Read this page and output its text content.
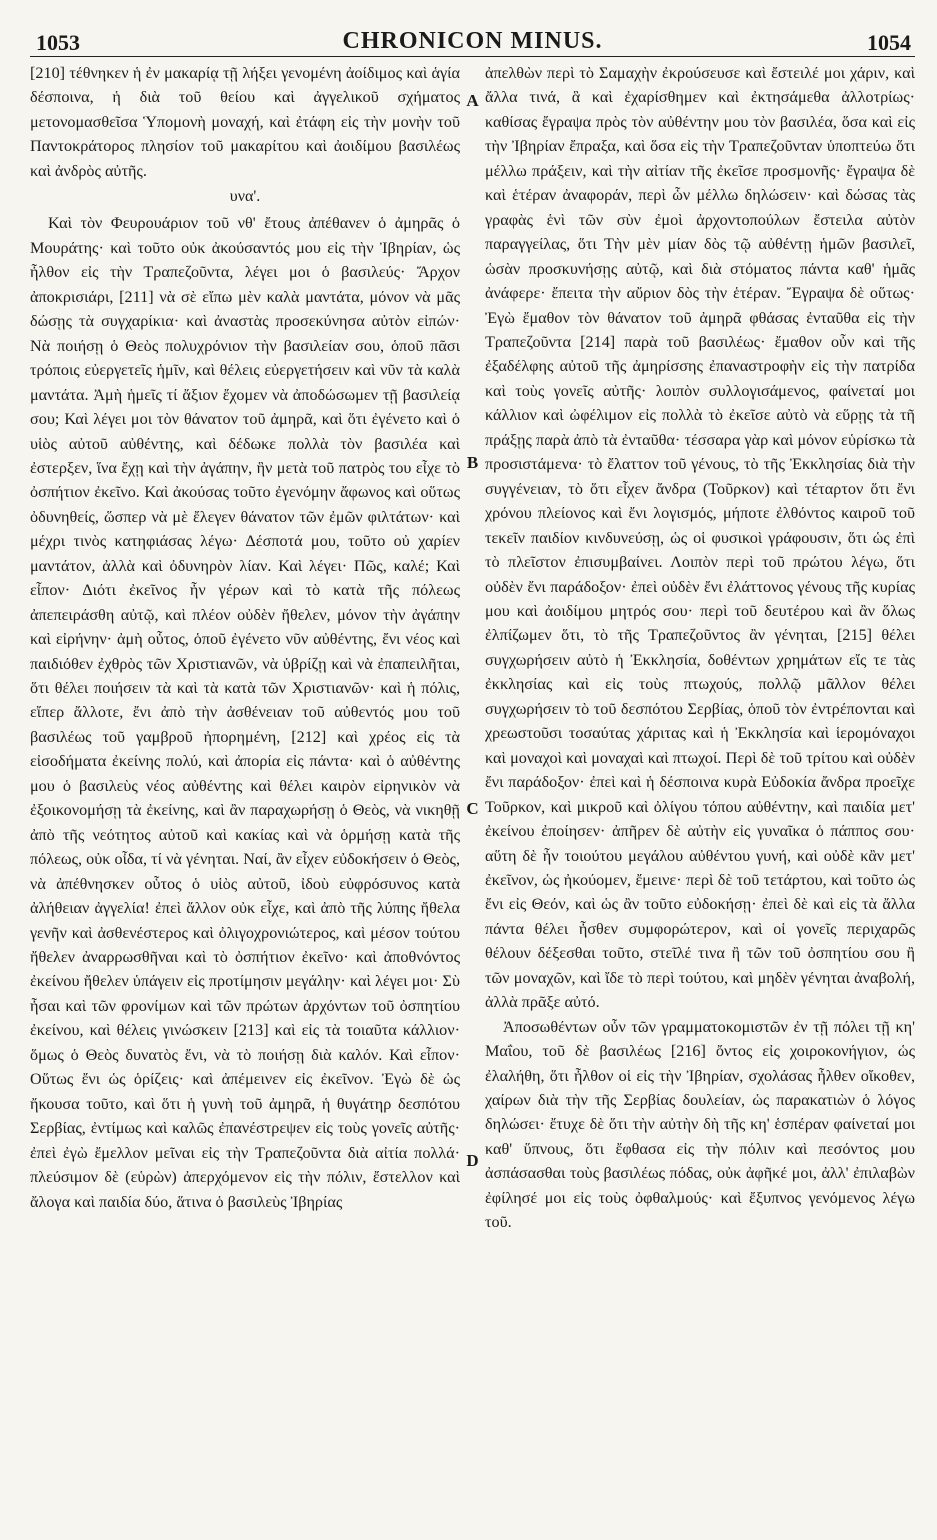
1053	CHRONICON MINUS.	1054

[210] τέθνηκεν ἡ ἐν μακαρίᾳ τῇ λήξει γενομένη ἀοίδιμος καὶ ἁγία δέσποινα, ἡ διὰ τοῦ θείου καὶ ἀγγελικοῦ σχήματος μετονομασθεῖσα Ὑπομονὴ μοναχή, καὶ ἐτάφη εἰς τὴν μονὴν τοῦ Παντοκράτορος πλησίον τοῦ μακαρίτου καὶ ἀοιδίμου βασιλέως καὶ ἀνδρὸς αὐτῆς.

υνα'.

Καὶ τὸν Φευρουάριον τοῦ νθ' ἔτους ἀπέθανεν ὁ ἀμηρᾶς ὁ Μουράτης· καὶ τοῦτο οὐκ ἀκούσαντός μου εἰς τὴν Ἰβηρίαν, ὡς ἦλθον εἰς τὴν Τραπεζοῦντα, λέγει μοι ὁ βασιλεύς· Ἄρχον ἀποκρισιάρι, [211] νὰ σὲ εἴπω μὲν καλὰ μαντάτα, μόνον νὰ μᾶς δώσῃς τὰ συγχαρίκια· καὶ ἀναστὰς προσεκύνησα αὐτὸν εἰπών· Νὰ ποιήσῃ ὁ Θεὸς πολυχρόνιον τὴν βασιλείαν σου, ὁποῦ πᾶσι τρόποις εὐεργετεῖς ἡμῖν, καὶ θέλεις εὐεργετήσειν καὶ νῦν τὰ καλὰ μαντάτα. Ἀμὴ ἡμεῖς τί ἄξιον ἔχομεν νὰ ἀποδώσωμεν τῇ βασιλείᾳ σου; Καὶ λέγει μοι τὸν θάνατον τοῦ ἀμηρᾶ, καὶ ὅτι ἐγένετο καὶ ὁ υἱὸς αὐτοῦ αὐθέντης, καὶ δέδωκε πολλὰ τὸν βασιλέα καὶ ἐστερξεν, ἵνα ἔχῃ καὶ τὴν ἀγάπην, ἣν μετὰ τοῦ πατρὸς του εἶχε τὸ ὀσπήτιον ἐκεῖνο. Καὶ ἀκούσας τοῦτο ἐγενόμην ἄφωνος καὶ οὕτως ὀδυνηθείς, ὥσπερ νὰ μὲ ἔλεγεν θάνατον τῶν ἐμῶν φιλτάτων· καὶ μέχρι τινὸς κατηφιάσας λέγω· Δέσποτά μου, τοῦτο οὐ χαρίεν μαντάτον, ἀλλὰ καὶ ὀδυνηρὸν λίαν. Καὶ λέγει· Πῶς, καλέ; Καὶ εἶπον· Διότι ἐκεῖνος ἦν γέρων καὶ τὸ κατὰ τῆς πόλεως ἀπεπειράσθη αὐτῷ, καὶ πλέον οὐδὲν ἤθελεν, μόνον τὴν ἀγάπην καὶ εἰρήνην· ἀμὴ οὗτος, ὁποῦ ἐγένετο νῦν αὐθέντης, ἔνι νέος καὶ παιδιόθεν ἐχθρὸς τῶν Χριστιανῶν, νὰ ὑβρίζῃ καὶ νὰ ἐπαπειλῆται, ὅτι θέλει ποιήσειν τὰ καὶ τὰ κατὰ τῶν Χριστιανῶν· καὶ ἡ πόλις, εἴπερ ἄλλοτε, ἔνι ἀπὸ τὴν ἀσθένειαν τοῦ αὐθεντός μου τοῦ βασιλέως τοῦ γαμβροῦ ἠπορημένη, [212] καὶ χρέος εἰς τὰ εἰσοδήματα ἐκείνης πολύ, καὶ ἀπορία εἰς πάντα· καὶ ὁ αὐθέντης μου ὁ βασιλεὺς νέος αὐθέντης καὶ θέλει καιρὸν εἰρηνικὸν νὰ ἐξοικονομήσῃ τὰ ἐκείνης, καὶ ἂν παραχωρήσῃ ὁ Θεὸς, νὰ νικηθῇ ἀπὸ τῆς νεότητος αὐτοῦ καὶ κακίας καὶ νὰ ὁρμήσῃ κατὰ τῆς πόλεως, οὐκ οἶδα, τί νὰ γένηται. Ναί, ἂν εἶχεν εὐδοκήσειν ὁ Θεὸς, νὰ ἀπέθνησκεν οὗτος ὁ υἱὸς αὐτοῦ, ἰδοὺ εὐφρόσυνος κατὰ ἀλήθειαν ἀγγελία! ἐπεὶ ἄλλον οὐκ εἶχε, καὶ ἀπὸ τῆς λύπης ἤθελα γενῆν καὶ ἀσθενέστερος καὶ ὀλιγοχρονιώτερος, καὶ μέσον τούτου ἤθελεν ἀναρρωσθῆναι καὶ τὸ ὀσπήτιον ἐκεῖνο· καὶ ἀποθνόντος ἐκείνου ἤθελεν ὑπάγειν εἰς προτίμησιν μεγάλην· καὶ λέγει μοι· Σὺ ἦσαι καὶ τῶν φρονίμων καὶ τῶν πρώτων ἀρχόντων τοῦ ὀσπητίου ἐκείνου, καὶ θέλεις γινώσκειν [213] καὶ εἰς τὰ τοιαῦτα κάλλιον· ὅμως ὁ Θεὸς δυνατὸς ἔνι, νὰ τὸ ποιήσῃ διὰ καλόν. Καὶ εἶπον· Οὕτως ἔνι ὡς ὁρίζεις· καὶ ἀπέμεινεν εἰς ἐκεῖνον. Ἐγὼ δὲ ὡς ἤκουσα τοῦτο, καὶ ὅτι ἡ γυνὴ τοῦ ἀμηρᾶ, ἡ θυγάτηρ δεσπότου Σερβίας, ἐντίμως καὶ καλῶς ἐπανέστρεψεν εἰς τοὺς γονεῖς αὐτῆς· ἐπεὶ ἐγὼ ἔμελλον μεῖναι εἰς τὴν Τραπεζοῦντα διὰ αἰτία πολλά· πλεύσιμον δὲ (εὑρὼν) ἀπερχόμενον εἰς τὴν πόλιν, ἔστελλον καὶ ἄλογα καὶ παιδία δύο, ἅτινα ὁ βασιλεὺς Ἰβηρίας

A
B
C
D

ἀπελθὼν περὶ τὸ Σαμαχὴν ἐκρούσευσε καὶ ἔστειλέ μοι χάριν, καὶ ἄλλα τινά, ἃ καὶ ἐχαρίσθημεν καὶ ἐκτησάμεθα ἀλλοτρίως· καθίσας ἔγραψα πρὸς τὸν αὐθέντην μου τὸν βασιλέα, ὅσα καὶ εἰς τὴν Ἰβηρίαν ἔπραξα, καὶ ὅσα εἰς τὴν Τραπεζοῦνταν ὑποπτεύω ὅτι μέλλω πράξειν, καὶ τὴν αἰτίαν τῆς ἐκεῖσε προσμονῆς· ἔγραψα δὲ καὶ ἑτέραν ἀναφοράν, περὶ ὧν μέλλω δηλώσειν· καὶ δώσας τὰς γραφὰς ἑνὶ τῶν σὺν ἐμοὶ ἀρχοντοπούλων ἔστειλα αὐτὸν παραγγείλας, ὅτι Τὴν μὲν μίαν δὸς τῷ αὐθέντῃ ἡμῶν βασιλεῖ, ὡσὰν προσκυνήσῃς αὐτῷ, καὶ διὰ στόματος πάντα καθ' ἡμᾶς ἀνάφερε· ἔπειτα τὴν αὔριον δὸς τὴν ἑτέραν. Ἔγραψα δὲ οὕτως· Ἐγὼ ἔμαθον τὸν θάνατον τοῦ ἀμηρᾶ φθάσας ἐνταῦθα εἰς τὴν Τραπεζοῦντα [214] παρὰ τοῦ βασιλέως· ἔμαθον οὖν καὶ τῆς ἐξαδέλφης αὐτοῦ τῆς ἀμηρίσσης ἐπαναστροφὴν εἰς τὴν πατρίδα καὶ τοὺς γονεῖς αὐτῆς· λοιπὸν συλλογισάμενος, φαίνεταί μοι κάλλιον καὶ ὠφέλιμον εἰς πολλὰ τὸ ἐκεῖσε αὐτὸ νὰ εὕρῃς τὰ τῆ πράξῃς παρὰ ἀπὸ τὰ ἐνταῦθα· τέσσαρα γὰρ καὶ μόνον εὑρίσκω τὰ προσιστάμενα· τὸ ἔλαττον τοῦ γένους, τὸ τῆς Ἐκκλησίας διὰ τὴν συγγένειαν, τὸ ὅτι εἶχεν ἄνδρα (Τοῦρκον) καὶ τέταρτον ὅτι ἔνι χρόνου πλείονος καὶ ἔνι λογισμός, μήποτε ἐλθόντος καιροῦ τοῦ τεκεῖν παιδίον κινδυνεύσῃ, ὡς οἱ φυσικοὶ γράφουσιν, ὅτι ὡς ἐπὶ τὸ πλεῖστον ἐπισυμβαίνει. Λοιπὸν περὶ τοῦ πρώτου λέγω, ὅτι οὐδὲν ἔνι παράδοξον· ἐπεὶ οὐδὲν ἔνι ἐλάττονος γένους τῆς κυρίας μου καὶ ἀοιδίμου μητρός σου· περὶ τοῦ δευτέρου καὶ ἂν ὅλως ἐλπίζωμεν ὅτι, τὸ τῆς Τραπεζοῦντος ἂν γένηται, [215] θέλει συγχωρήσειν αὐτὸ ἡ Ἐκκλησία, δοθέντων χρημάτων εἴς τε τὰς ἐκκλησίας καὶ εἰς τοὺς πτωχούς, πολλῷ μᾶλλον θέλει συγχωρήσειν τὸ τοῦ δεσπότου Σερβίας, ὁποῦ τὸν ἐντρέπονται καὶ χρεωστοῦσι τοσαύτας χάριτας καὶ ἡ Ἐκκλησία καὶ ἱερομόναχοι καὶ μοναχοὶ καὶ μοναχαὶ καὶ πτωχοί. Περὶ δὲ τοῦ τρίτου καὶ οὐδὲν ἔνι παράδοξον· ἐπεὶ καὶ ἡ δέσποινα κυρὰ Εὐδοκία ἄνδρα προεῖχε Τοῦρκον, καὶ μικροῦ καὶ ὀλίγου τόπου αὐθέντην, καὶ παιδία μετ' ἐκείνου ἐποίησεν· ἀπῆρεν δὲ αὐτὴν εἰς γυναῖκα ὁ πάππος σου· αὕτη δὲ ἦν τοιούτου μεγάλου αὐθέντου γυνή, καὶ οὐδὲ κἂν μετ' ἐκεῖνον, ὡς ἠκούομεν, ἔμεινε· περὶ δὲ τοῦ τετάρτου, καὶ τοῦτο ὡς ἔνι εἰς Θεόν, καὶ ὡς ἂν τοῦτο εὐδοκήσῃ· ἐπεὶ δὲ καὶ εἰς τὰ ἄλλα πάντα θέλει ἦσθεν συμφορώτερον, καὶ οἱ γονεῖς περιχαρῶς θέλουν δέξεσθαι τοῦτο, στεῖλέ τινα ἢ τῶν τοῦ ὀσπητίου σου ἢ τῶν μοναχῶν, καὶ ἴδε τὸ περὶ τούτου, καὶ μηδὲν γένηται ἀναβολή, ἀλλὰ πρᾶξε αὐτό.

Ἀποσωθέντων οὖν τῶν γραμματοκομιστῶν ἐν τῇ πόλει τῇ κη' Μαΐου, τοῦ δὲ βασιλέως [216] ὄντος εἰς χοιροκονήγιον, ὡς ἐλαλήθη, ὅτι ἦλθον οἱ εἰς τὴν Ἰβηρίαν, σχολάσας ἦλθεν οἴκοθεν, χαίρων διὰ τὴν τῆς Σερβίας δουλείαν, ὡς παρακατιὼν ὁ λόγος δηλώσει· ἔτυχε δὲ ὅτι τὴν αὐτὴν δὴ τῆς κη' ἑσπέραν φαίνεταί μοι καθ' ὕπνους, ὅτι ἔφθασα εἰς τὴν πόλιν καὶ πεσόντος μου ἀσπάσασθαι τοὺς βασιλέως πόδας, οὐκ ἀφῆκέ μοι, ἀλλ' ἐπιλαβὼν ἐφίλησέ μοι εἰς τοὺς ὀφθαλμούς· καὶ ἔξυπνος γενόμενος λέγω τοῦ.
